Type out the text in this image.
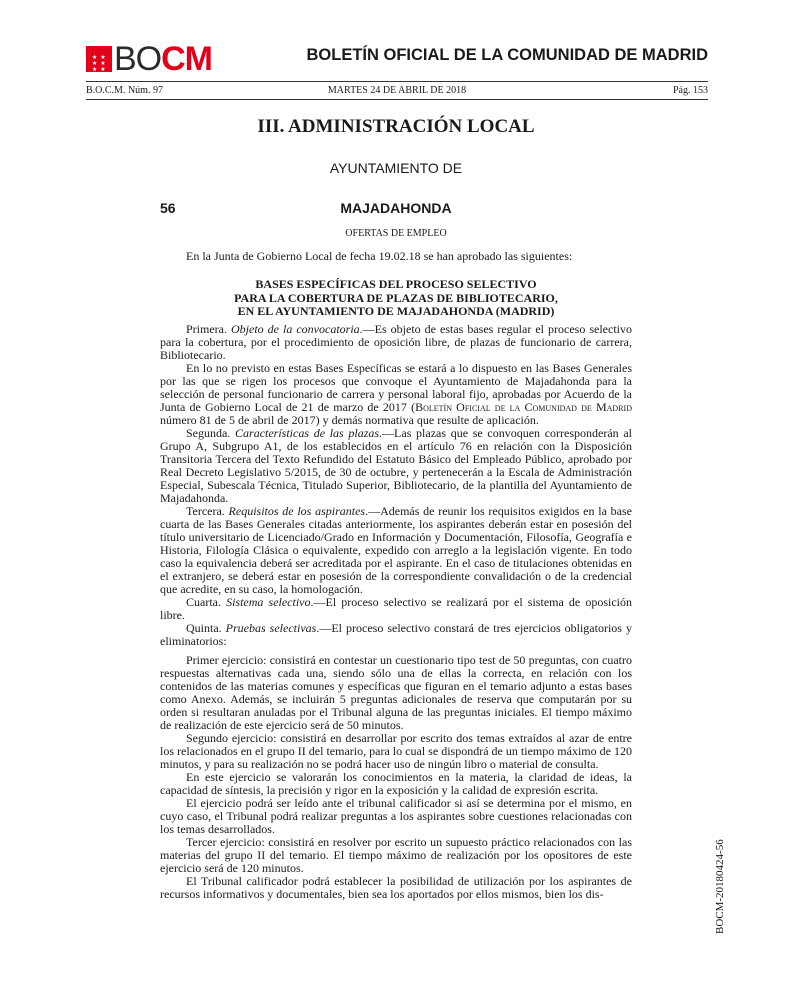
★ ★ ★ ★ ★ ★ ★ BOCM	BOLETÍN OFICIAL DE LA COMUNIDAD DE MADRID
B.O.C.M. Núm. 97	MARTES 24 DE ABRIL DE 2018	Pág. 153
III. ADMINISTRACIÓN LOCAL
AYUNTAMIENTO DE
56	MAJADAHONDA
OFERTAS DE EMPLEO
En la Junta de Gobierno Local de fecha 19.02.18 se han aprobado las siguientes:
BASES ESPECÍFICAS DEL PROCESO SELECTIVO
PARA LA COBERTURA DE PLAZAS DE BIBLIOTECARIO,
EN EL AYUNTAMIENTO DE MAJADAHONDA (MADRID)

Primera. Objeto de la convocatoria.—Es objeto de estas bases regular el proceso selectivo para la cobertura, por el procedimiento de oposición libre, de plazas de funcionario de carrera, Bibliotecario.

En lo no previsto en estas Bases Específicas se estará a lo dispuesto en las Bases Generales por las que se rigen los procesos que convoque el Ayuntamiento de Majadahonda para la selección de personal funcionario de carrera y personal laboral fijo, aprobadas por Acuerdo de la Junta de Gobierno Local de 21 de marzo de 2017 (Boletín Oficial de la Comunidad de Madrid número 81 de 5 de abril de 2017) y demás normativa que resulte de aplicación.

Segunda. Características de las plazas.—Las plazas que se convoquen corresponderán al Grupo A, Subgrupo A1, de los establecidos en el artículo 76 en relación con la Disposición Transitoria Tercera del Texto Refundido del Estatuto Básico del Empleado Público, aprobado por Real Decreto Legislativo 5/2015, de 30 de octubre, y pertenecerán a la Escala de Administración Especial, Subescala Técnica, Titulado Superior, Bibliotecario, de la plantilla del Ayuntamiento de Majadahonda.

Tercera. Requisitos de los aspirantes.—Además de reunir los requisitos exigidos en la base cuarta de las Bases Generales citadas anteriormente, los aspirantes deberán estar en posesión del título universitario de Licenciado/Grado en Información y Documentación, Filosofía, Geografía e Historia, Filología Clásica o equivalente, expedido con arreglo a la legislación vigente. En todo caso la equivalencia deberá ser acreditada por el aspirante. En el caso de titulaciones obtenidas en el extranjero, se deberá estar en posesión de la correspondiente convalidación o de la credencial que acredite, en su caso, la homologación.

Cuarta. Sistema selectivo.—El proceso selectivo se realizará por el sistema de oposición libre.

Quinta. Pruebas selectivas.—El proceso selectivo constará de tres ejercicios obligatorios y eliminatorios:

Primer ejercicio: consistirá en contestar un cuestionario tipo test de 50 preguntas, con cuatro respuestas alternativas cada una, siendo sólo una de ellas la correcta, en relación con los contenidos de las materias comunes y específicas que figuran en el temario adjunto a estas bases como Anexo. Además, se incluirán 5 preguntas adicionales de reserva que computarán por su orden si resultaran anuladas por el Tribunal alguna de las preguntas iniciales. El tiempo máximo de realización de este ejercicio será de 50 minutos.

Segundo ejercicio: consistirá en desarrollar por escrito dos temas extraídos al azar de entre los relacionados en el grupo II del temario, para lo cual se dispondrá de un tiempo máximo de 120 minutos, y para su realización no se podrá hacer uso de ningún libro o material de consulta.

En este ejercicio se valorarán los conocimientos en la materia, la claridad de ideas, la capacidad de síntesis, la precisión y rigor en la exposición y la calidad de expresión escrita.

El ejercicio podrá ser leído ante el tribunal calificador si así se determina por el mismo, en cuyo caso, el Tribunal podrá realizar preguntas a los aspirantes sobre cuestiones relacionadas con los temas desarrollados.

Tercer ejercicio: consistirá en resolver por escrito un supuesto práctico relacionados con las materias del grupo II del temario. El tiempo máximo de realización por los opositores de este ejercicio será de 120 minutos.

El Tribunal calificador podrá establecer la posibilidad de utilización por los aspirantes de recursos informativos y documentales, bien sea los aportados por ellos mismos, bien los dis-	BOCM-20180424-56
